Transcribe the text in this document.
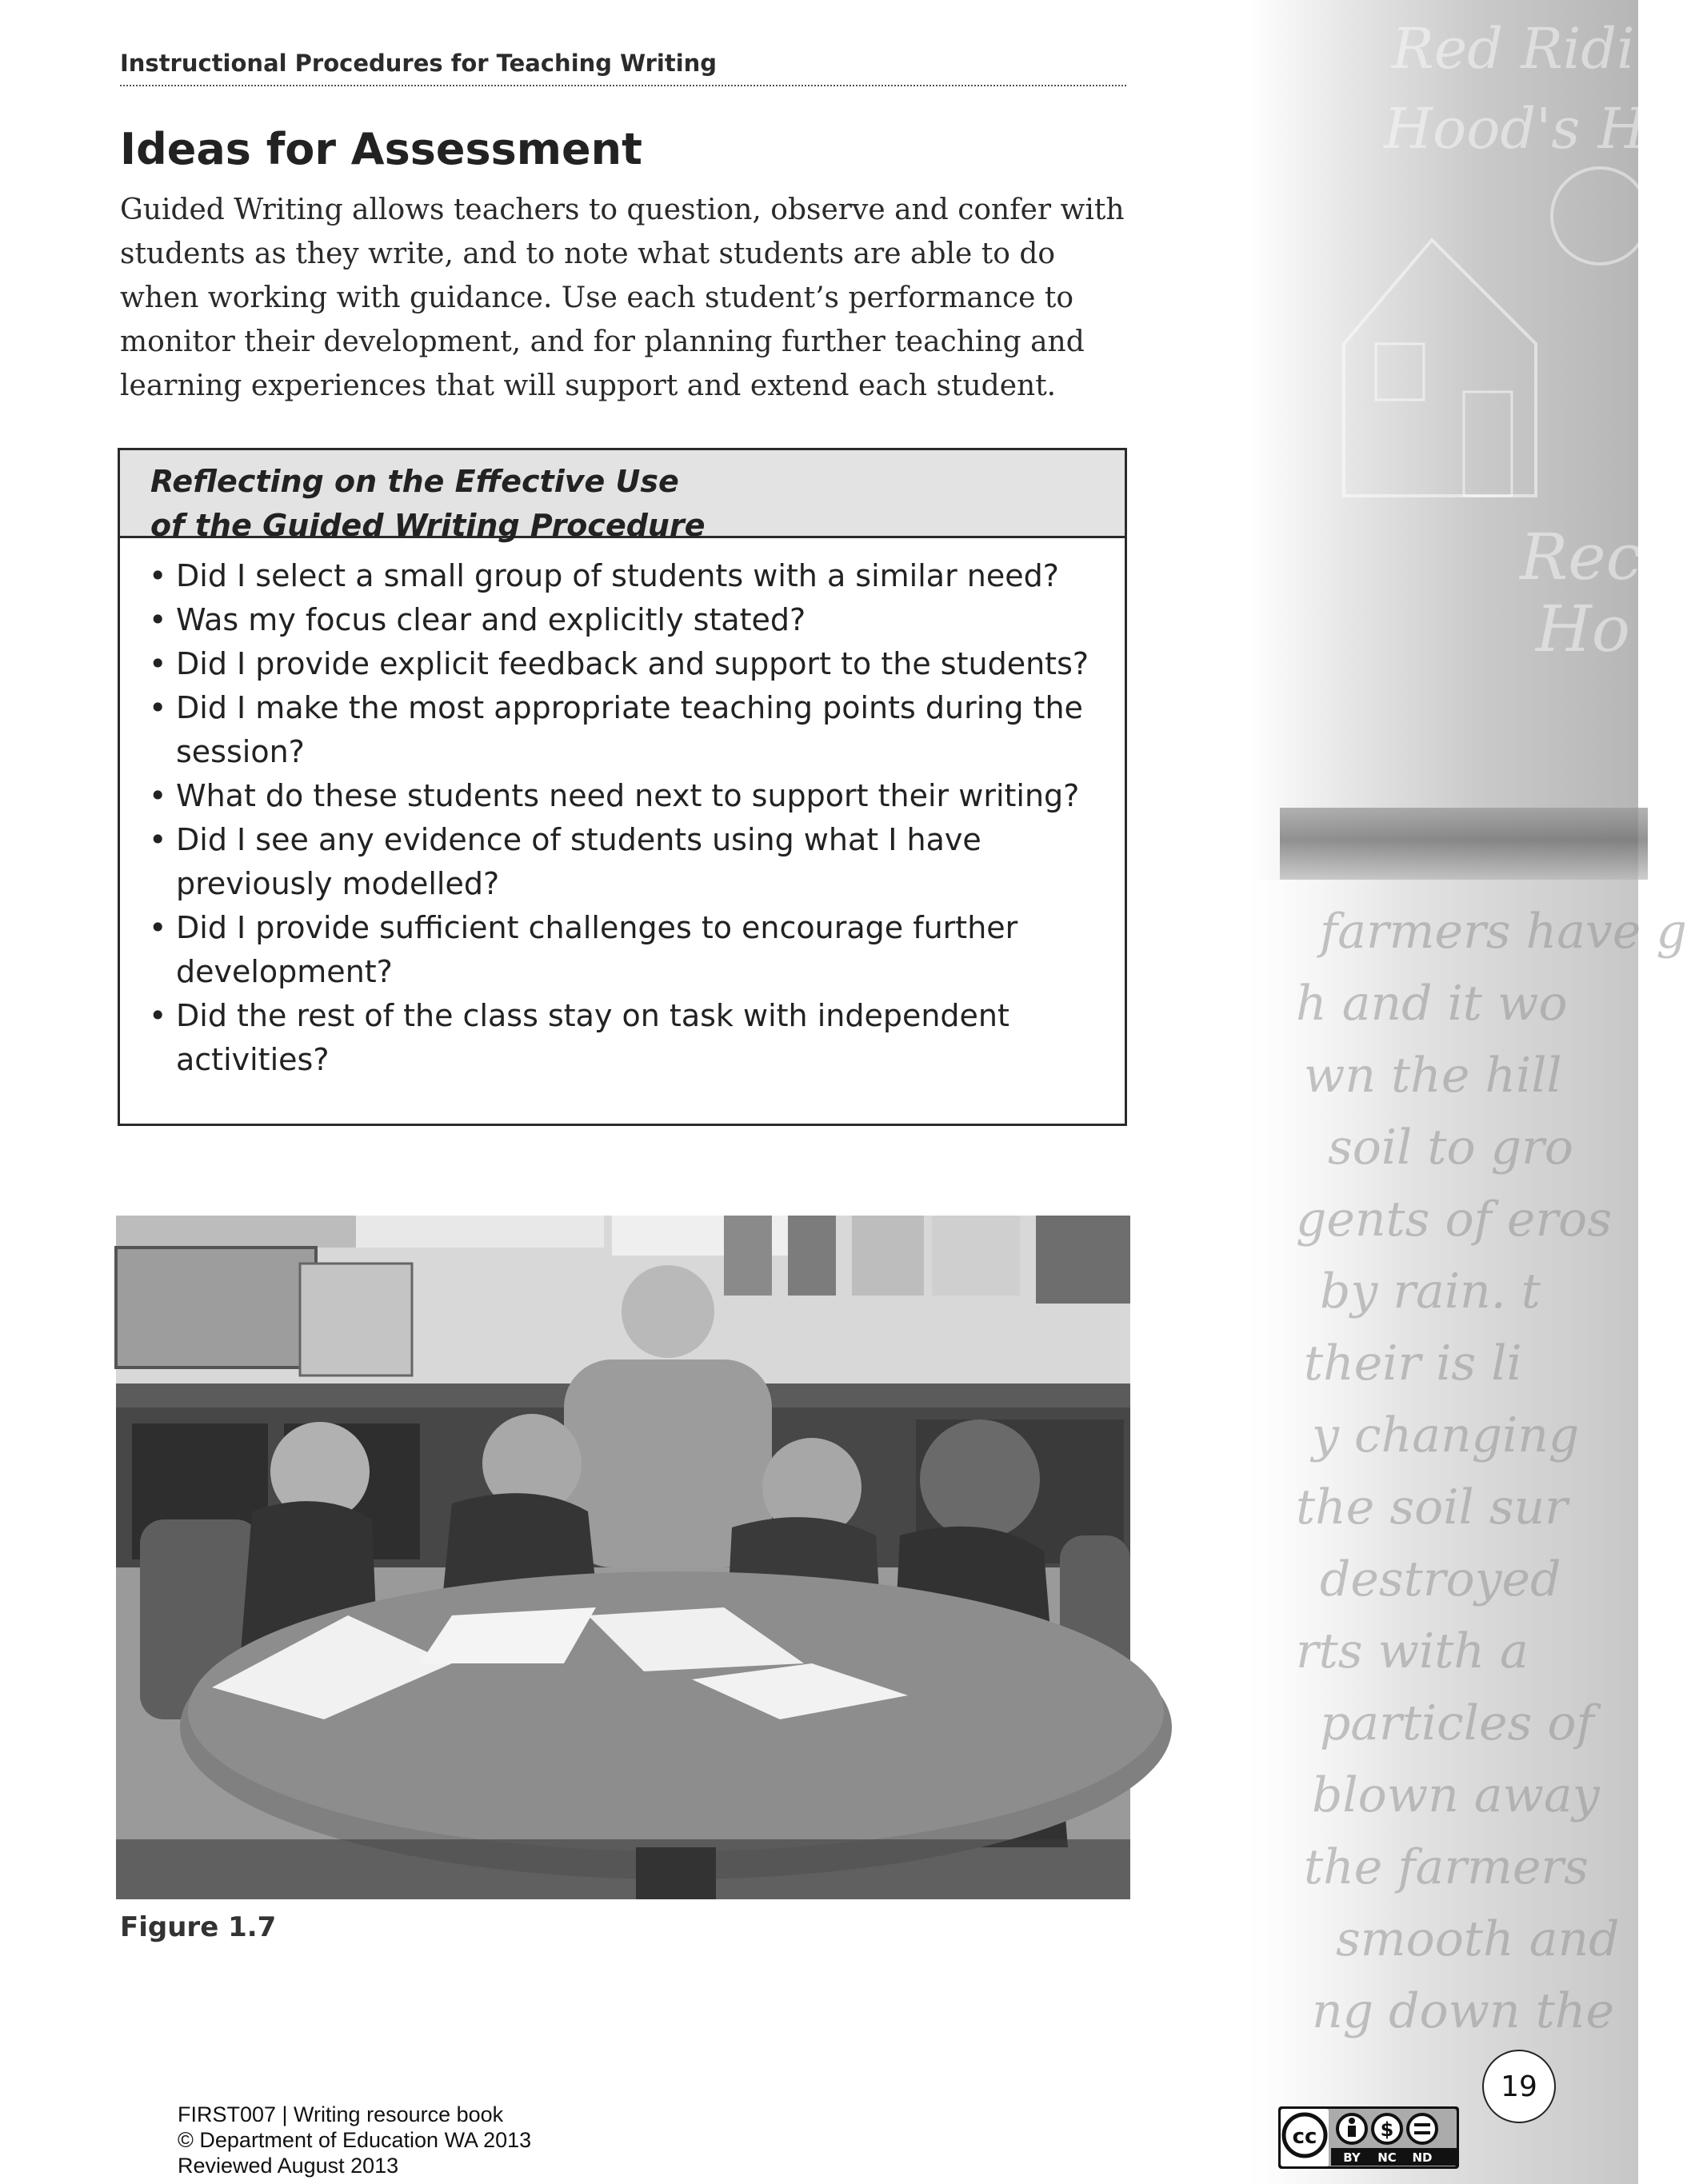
Red Ridi
Hood's Ho
Rec
Ho
farmers have g
h and it wo
wn the hill
soil to gro
gents of eros
by rain. t
their is li
y changing
the soil sur
destroyed
rts with a
particles of
blown away
the farmers
smooth and
ng down the
Instructional Procedures for Teaching Writing
Ideas for Assessment

Guided Writing allows teachers to question, observe and confer with students as they write, and to note what students are able to do when working with guidance. Use each student’s performance to monitor their development, and for planning further teaching and learning experiences that will support and extend each student.

Reflecting on the Effective Use
of the Guided Writing Procedure
• Did I select a small group of students with a similar need?
• Was my focus clear and explicitly stated?
• Did I provide explicit feedback and support to the students?
• Did I make the most appropriate teaching points during the session?
• What do these students need next to support their writing?
• Did I see any evidence of students using what I have previously modelled?
• Did I provide sufficient challenges to encourage further development?
• Did the rest of the class stay on task with independent activities?
Figure 1.7
FIRST007 | Writing resource book
© Department of Education WA 2013
Reviewed August 2013
19
cc	$
BY NC ND
